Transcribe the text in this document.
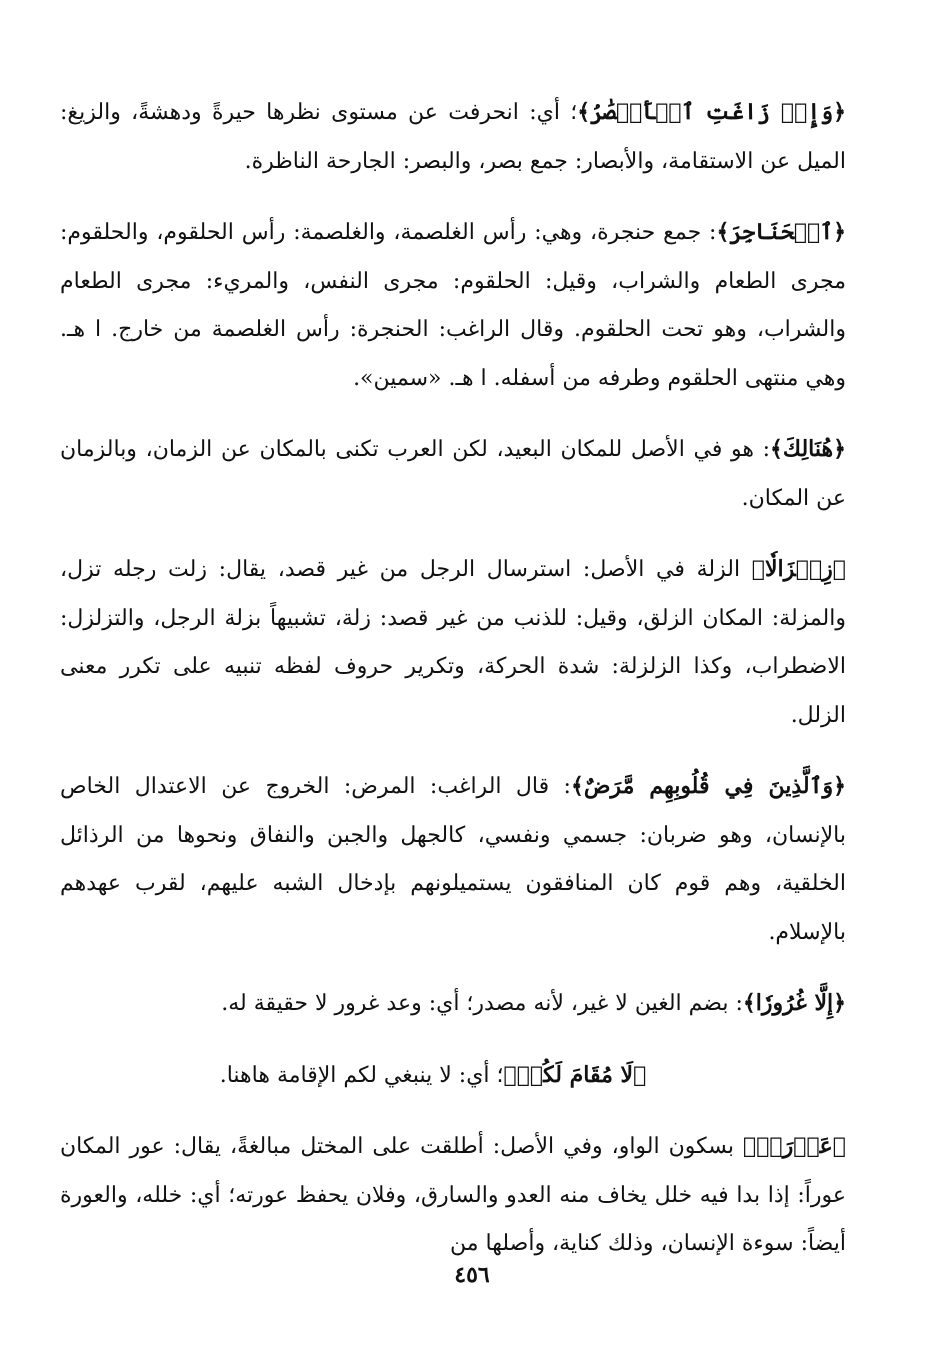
﴿وَإِذۡ زَاغَتِ ٱلۡأَبۡصَٰرُ﴾؛ أي: انحرفت عن مستوى نظرها حيرةً ودهشةً، والزيغ: الميل عن الاستقامة، والأبصار: جمع بصر، والبصر: الجارحة الناظرة.

﴿ٱلۡحَنَاجِرَ﴾: جمع حنجرة، وهي: رأس الغلصمة، والغلصمة: رأس الحلقوم، والحلقوم: مجرى الطعام والشراب، وقيل: الحلقوم: مجرى النفس، والمريء: مجرى الطعام والشراب، وهو تحت الحلقوم. وقال الراغب: الحنجرة: رأس الغلصمة من خارج. ا هـ. وهي منتهى الحلقوم وطرفه من أسفله. ا هـ. «سمين».

﴿هُنَالِكَ﴾: هو في الأصل للمكان البعيد، لكن العرب تكنى بالمكان عن الزمان، وبالزمان عن المكان.

﴿زِلۡزَالٗا﴾ الزلة في الأصل: استرسال الرجل من غير قصد، يقال: زلت رجله تزل، والمزلة: المكان الزلق، وقيل: للذنب من غير قصد: زلة، تشبيهاً بزلة الرجل، والتزلزل: الاضطراب، وكذا الزلزلة: شدة الحركة، وتكرير حروف لفظه تنبيه على تكرر معنى الزلل.

﴿وَٱلَّذِينَ فِي قُلُوبِهِم مَّرَضٌ﴾: قال الراغب: المرض: الخروج عن الاعتدال الخاص بالإنسان، وهو ضربان: جسمي ونفسي، كالجهل والجبن والنفاق ونحوها من الرذائل الخلقية، وهم قوم كان المنافقون يستميلونهم بإدخال الشبه عليهم، لقرب عهدهم بالإسلام.

﴿إِلَّا غُرُورٗا﴾: بضم الغين لا غير، لأنه مصدر؛ أي: وعد غرور لا حقيقة له.

﴿لَا مُقَامَ لَكُمۡ﴾؛ أي: لا ينبغي لكم الإقامة هاهنا.

﴿عَوۡرَةٞ﴾ بسكون الواو، وفي الأصل: أطلقت على المختل مبالغةً، يقال: عور المكان عوراً: إذا بدا فيه خلل يخاف منه العدو والسارق، وفلان يحفظ عورته؛ أي: خلله، والعورة أيضاً: سوءة الإنسان، وذلك كناية، وأصلها من

٤٥٦
